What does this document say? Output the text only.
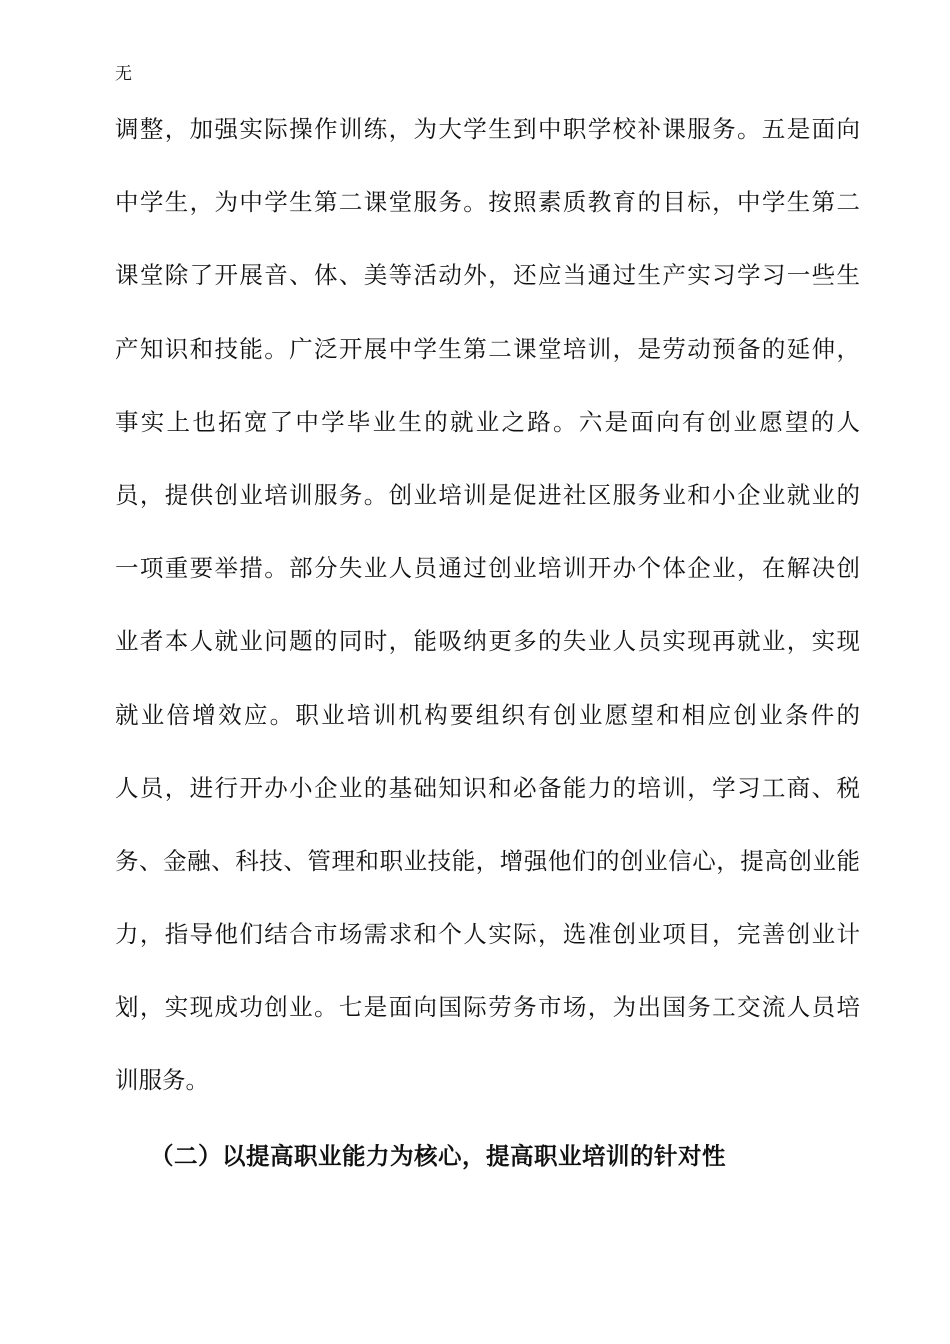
无
调整，加强实际操作训练，为大学生到中职学校补课服务。五是面向
中学生，为中学生第二课堂服务。按照素质教育的目标，中学生第二
课堂除了开展音、体、美等活动外，还应当通过生产实习学习一些生
产知识和技能。广泛开展中学生第二课堂培训，是劳动预备的延伸，
事实上也拓宽了中学毕业生的就业之路。六是面向有创业愿望的人
员，提供创业培训服务。创业培训是促进社区服务业和小企业就业的
一项重要举措。部分失业人员通过创业培训开办个体企业，在解决创
业者本人就业问题的同时，能吸纳更多的失业人员实现再就业，实现
就业倍增效应。职业培训机构要组织有创业愿望和相应创业条件的
人员，进行开办小企业的基础知识和必备能力的培训，学习工商、税
务、金融、科技、管理和职业技能，增强他们的创业信心，提高创业能
力，指导他们结合市场需求和个人实际，选准创业项目，完善创业计
划，实现成功创业。七是面向国际劳务市场，为出国务工交流人员培
训服务。
（二）以提高职业能力为核心，提高职业培训的针对性
